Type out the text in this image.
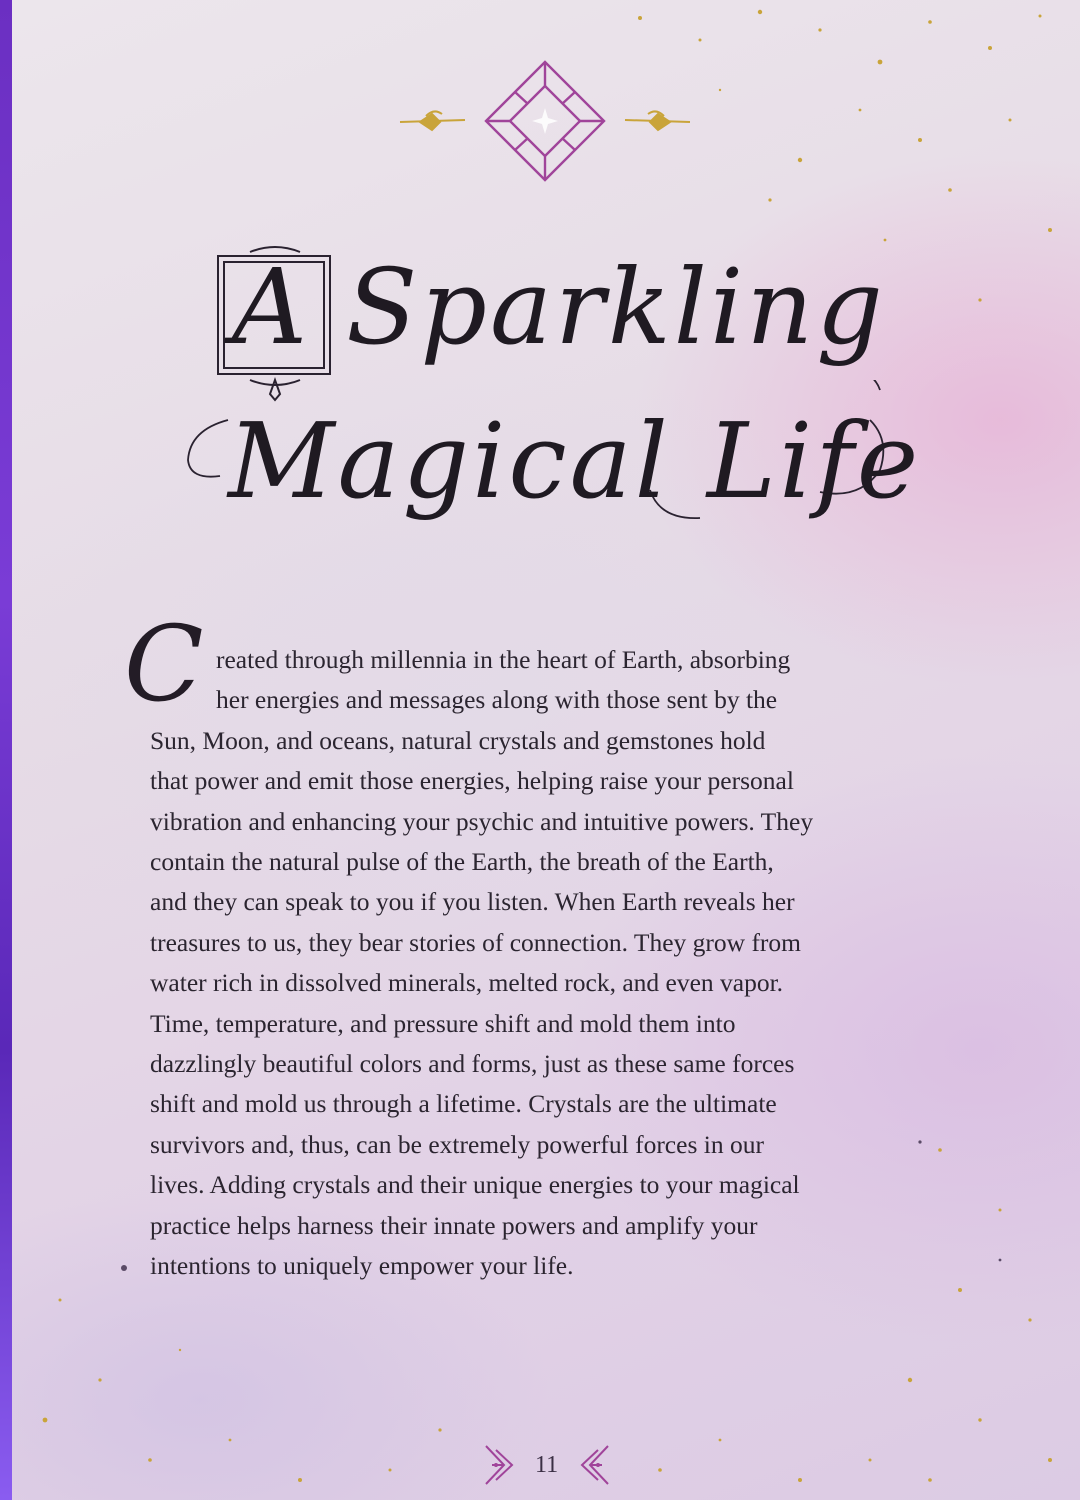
A Sparkling
Magical Life
C reated through millennia in the heart of Earth, absorbing
her energies and messages along with those sent by the
Sun, Moon, and oceans, natural crystals and gemstones hold
that power and emit those energies, helping raise your personal
vibration and enhancing your psychic and intuitive powers. They
contain the natural pulse of the Earth, the breath of the Earth,
and they can speak to you if you listen. When Earth reveals her
treasures to us, they bear stories of connection. They grow from
water rich in dissolved minerals, melted rock, and even vapor.
Time, temperature, and pressure shift and mold them into
dazzlingly beautiful colors and forms, just as these same forces
shift and mold us through a lifetime. Crystals are the ultimate
survivors and, thus, can be extremely powerful forces in our
lives. Adding crystals and their unique energies to your magical
practice helps harness their innate powers and amplify your
intentions to uniquely empower your life.
11
